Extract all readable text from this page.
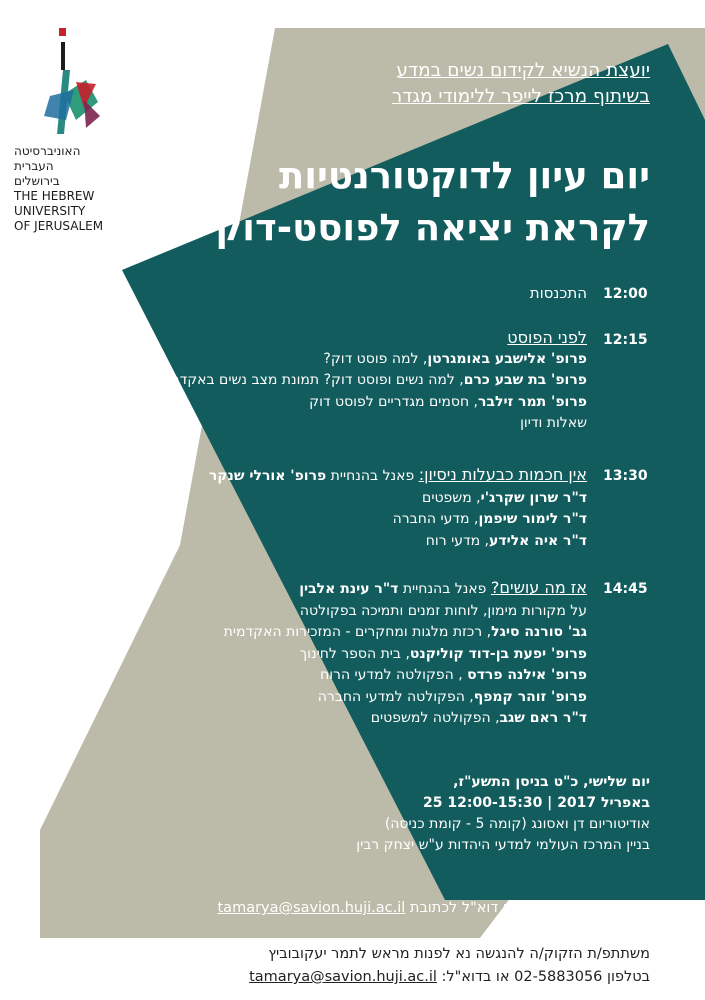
האוניברסיטה
העברית
בירושלים
THE HEBREW
UNIVERSITY
OF JERUSALEM
יועצת הנשיא לקידום נשים במדע
בשיתוף מרכז לייפר ללימודי מגדר
יום עיון לדוקטורנטיות
לקראת יציאה לפוסט-דוק
12:00
התכנסות
12:15
לפני הפוסט
פרופ' אלישבע באומגרטן, למה פוסט דוק?
פרופ' בת שבע כרם, למה נשים ופוסט דוק? תמונת מצב נשים באקדמיה
פרופ' תמר זילבר, חסמים מגדריים לפוסט דוק
שאלות ודיון
13:30
אין חכמות כבעלות ניסיון: פאנל בהנחיית פרופ' אורלי שנקר
ד"ר שרון שקרג'י, משפטים
ד"ר לימור שיפמן, מדעי החברה
ד"ר איה אלידע, מדעי רוח
14:45
אז מה עושים? פאנל בהנחיית ד"ר עינת אלבין
על מקורות מימון, לוחות זמנים ותמיכה בפקולטה
גב' סורנה סיגל, רכזת מלגות ומחקרים - המזכירות האקדמית
פרופ' יפעת בן-דוד קוליקנט, בית הספר לחינוך
פרופ' אילנה פרדס , הפקולטה למדעי הרוח
פרופ' זוהר קמפף, הפקולטה למדעי החברה
ד"ר ראם שגב, הפקולטה למשפטים
יום שלישי, כ"ט בניסן התשע"ז,
25 באפריל 2017 | 12:00-15:30
אודיטוריום דן ואסונג (קומה 5 - קומת כניסה)
בניין המרכז העולמי למדעי היהדות ע"ש יצחק רבין
לאישור הגעה נא לשלוח דוא"ל לכתובת tamarya@savion.huji.ac.il
משתתפ/ת הזקוק/ה להנגשה נא לפנות מראש לתמר יעקובוביץ
בטלפון 02-5883056 או בדוא"ל: tamarya@savion.huji.ac.il
